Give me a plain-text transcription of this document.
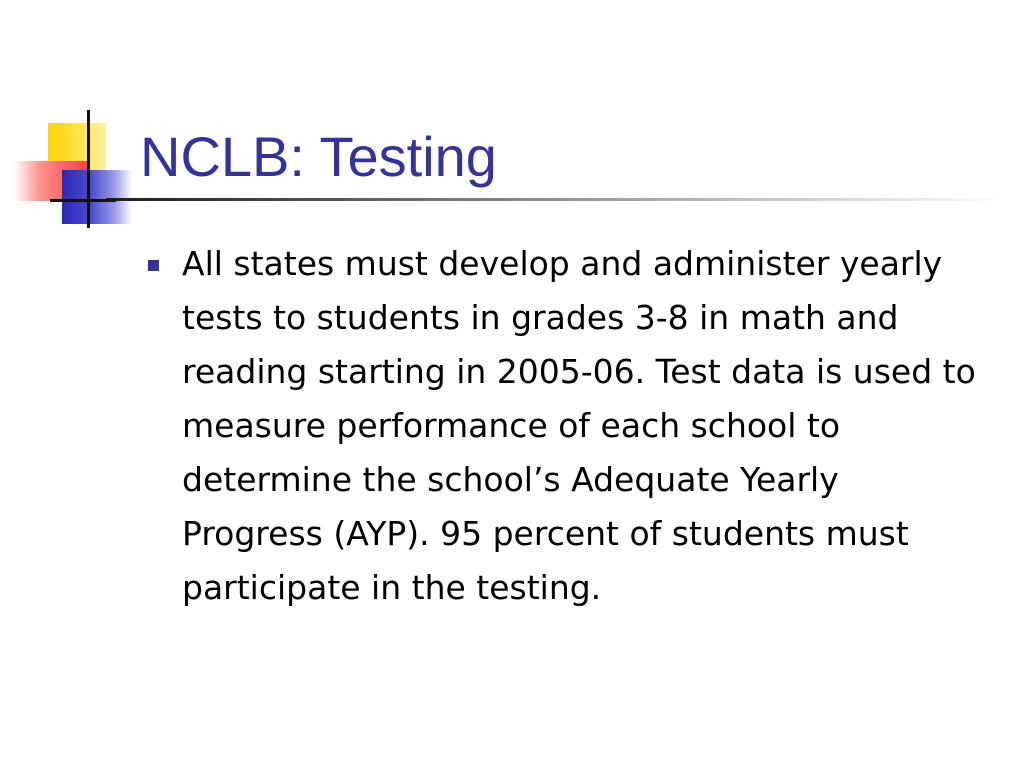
NCLB: Testing
All states must develop and administer yearly tests to students in grades 3-8 in math and reading starting in 2005-06. Test data is used to measure performance of each school to determine the school’s Adequate Yearly Progress (AYP). 95 percent of students must participate in the testing.
